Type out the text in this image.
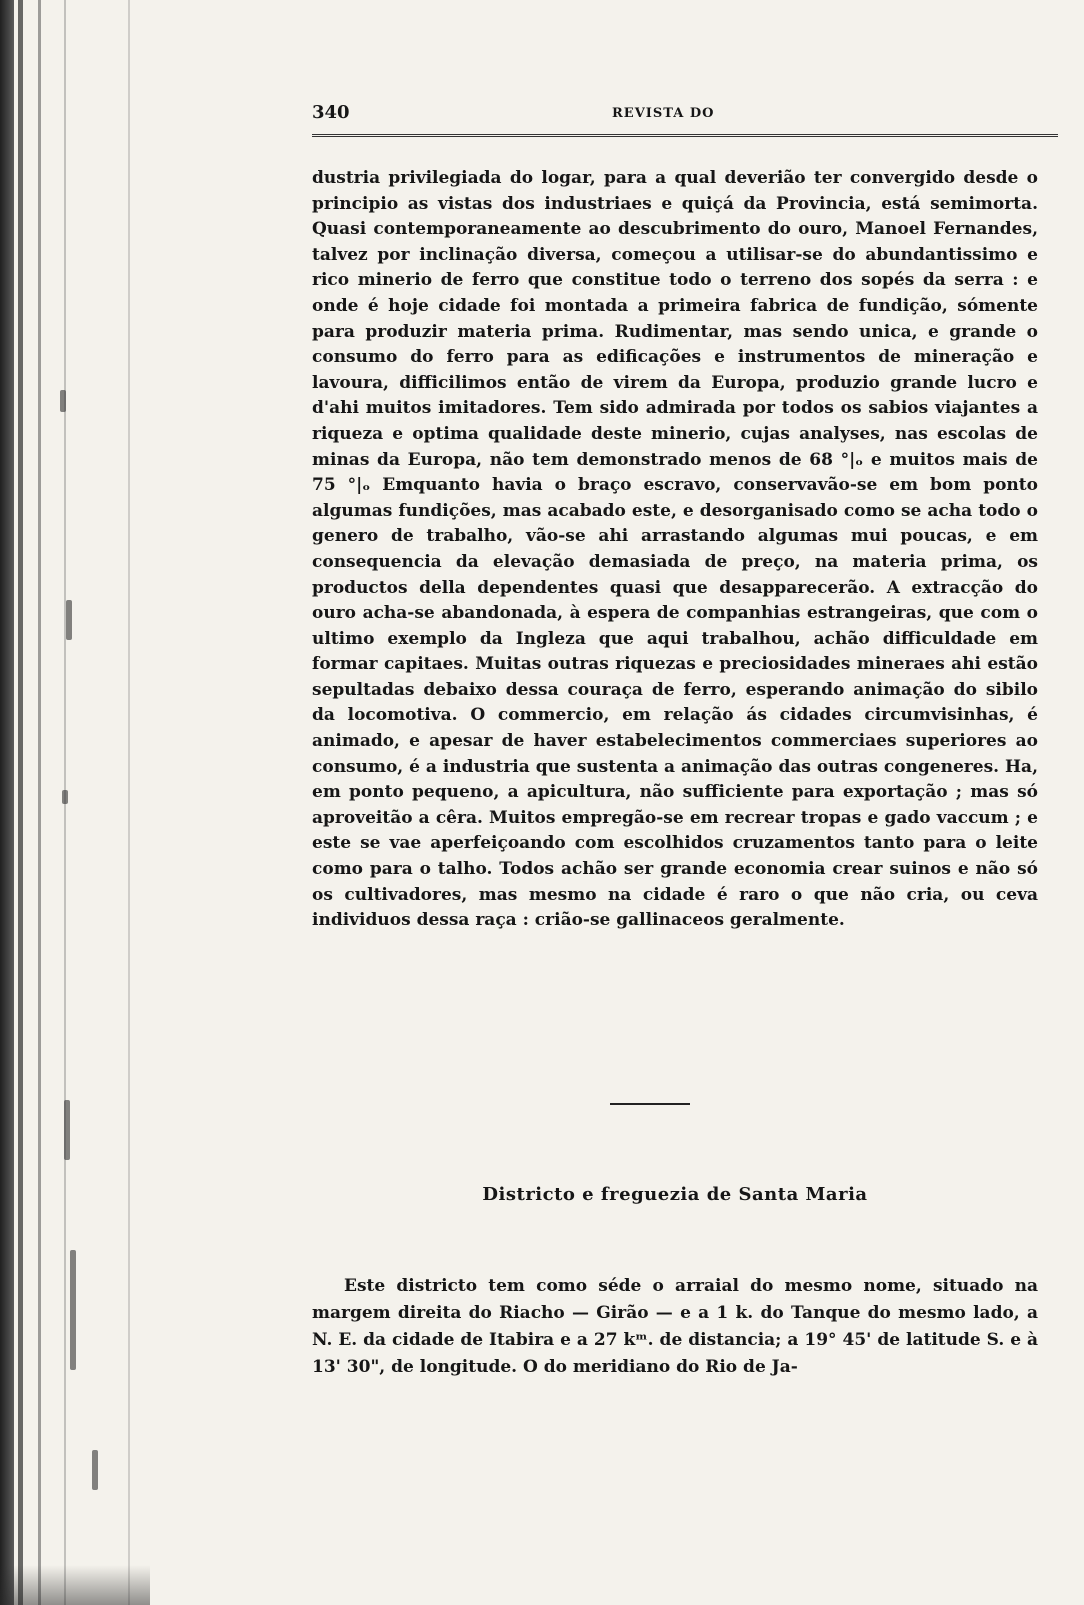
340	REVISTA DO

dustria privilegiada do logar, para a qual deverião ter convergido desde o principio as vistas dos industriaes e quiçá da Provincia, está semimorta. Quasi contemporaneamente ao descubrimento do ouro, Manoel Fernandes, talvez por inclinação diversa, começou a utilisar-se do abundantissimo e rico minerio de ferro que constitue todo o terreno dos sopés da serra : e onde é hoje cidade foi montada a primeira fabrica de fundição, sómente para produzir materia prima. Rudimentar, mas sendo unica, e grande o consumo do ferro para as edificações e instrumentos de mineração e lavoura, difficilimos então de virem da Europa, produzio grande lucro e d'ahi muitos imitadores. Tem sido admirada por todos os sabios viajantes a riqueza e optima qualidade deste minerio, cujas analyses, nas escolas de minas da Europa, não tem demonstrado menos de 68 °|ₒ e muitos mais de 75 °|ₒ Emquanto havia o braço escravo, conservavão-se em bom ponto algumas fundições, mas acabado este, e desorganisado como se acha todo o genero de trabalho, vão-se ahi arrastando algumas mui poucas, e em consequencia da elevação demasiada de preço, na materia prima, os productos della dependentes quasi que desapparecerão. A extracção do ouro acha-se abandonada, à espera de companhias estrangeiras, que com o ultimo exemplo da Ingleza que aqui trabalhou, achão difficuldade em formar capitaes. Muitas outras riquezas e preciosidades mineraes ahi estão sepultadas debaixo dessa couraça de ferro, esperando animação do sibilo da locomotiva. O commercio, em relação ás cidades circumvisinhas, é animado, e apesar de haver estabelecimentos commerciaes superiores ao consumo, é a industria que sustenta a animação das outras congeneres. Ha, em ponto pequeno, a apicultura, não sufficiente para exportação ; mas só aproveitão a cêra. Muitos empregão-se em recrear tropas e gado vaccum ; e este se vae aperfeiçoando com escolhidos cruzamentos tanto para o leite como para o talho. Todos achão ser grande economia crear suinos e não só os cultivadores, mas mesmo na cidade é raro o que não cria, ou ceva individuos dessa raça : crião-se gallinaceos geralmente.

Districto e freguezia de Santa Maria

Este districto tem como séde o arraial do mesmo nome, situado na margem direita do Riacho — Girão — e a 1 k. do Tanque do mesmo lado, a N. E. da cidade de Itabira e a 27 kᵐ. de distancia; a 19° 45' de latitude S. e à 13' 30", de longitude. O do meridiano do Rio de Ja-
